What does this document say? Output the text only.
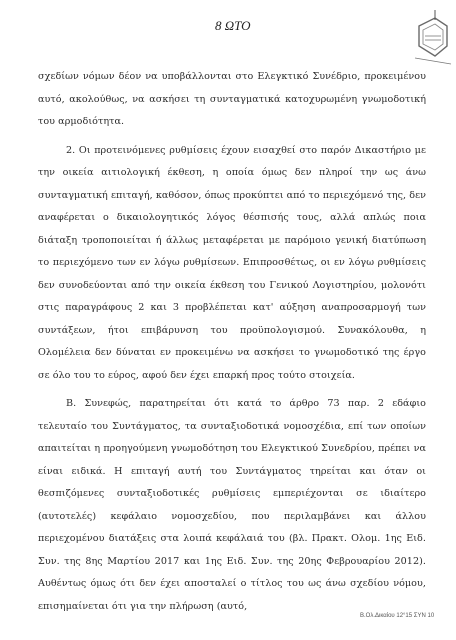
8 ΩΤΟ

σχεδίων νόμων δέον να υποβάλλονται στο Ελεγκτικό Συνέδριο, προκειμένου αυτό, ακολούθως, να ασκήσει τη συνταγματικά κατοχυρωμένη γνωμοδοτική του αρμοδιότητα.

2. Οι προτεινόμενες ρυθμίσεις έχουν εισαχθεί στο παρόν Δικαστήριο με την οικεία αιτιολογική έκθεση, η οποία όμως δεν πληροί την ως άνω συνταγματική επιταγή, καθόσον, όπως προκύπτει από το περιεχόμενό της, δεν αναφέρεται ο δικαιολογητικός λόγος θέσπισής τους, αλλά απλώς ποια διάταξη τροποποιείται ή άλλως μεταφέρεται με παρόμοιο γενική διατύπωση το περιεχόμενο των εν λόγω ρυθμίσεων. Επιπροσθέτως, οι εν λόγω ρυθμίσεις δεν συνοδεύονται από την οικεία έκθεση του Γενικού Λογιστηρίου, μολονότι στις παραγράφους 2 και 3 προβλέπεται κατ' αύξηση αναπροσαρμογή των συντάξεων, ήτοι επιβάρυνση του προϋπολογισμού. Συνακόλουθα, η Ολομέλεια δεν δύναται εν προκειμένω να ασκήσει το γνωμοδοτικό της έργο σε όλο του το εύρος, αφού δεν έχει επαρκή προς τούτο στοιχεία.

Β. Συνεφώς, παρατηρείται ότι κατά το άρθρο 73 παρ. 2 εδάφιο τελευταίο του Συντάγματος, τα συνταξιοδοτικά νομοσχέδια, επί των οποίων απαιτείται η προηγούμενη γνωμοδότηση του Ελεγκτικού Συνεδρίου, πρέπει να είναι ειδικά. Η επιταγή αυτή του Συντάγματος τηρείται και όταν οι θεσπιζόμενες συνταξιοδοτικές ρυθμίσεις εμπεριέχονται σε ιδιαίτερο (αυτοτελές) κεφάλαιο νομοσχεδίου, που περιλαμβάνει και άλλου περιεχομένου διατάξεις στα λοιπά κεφάλαιά του (βλ. Πρακτ. Ολομ. 1ης Ειδ. Συν. της 8ης Μαρτίου 2017 και 1ης Ειδ. Συν. της 20ης Φεβρουαρίου 2012). Αυθέντως όμως ότι δεν έχει αποσταλεί ο τίτλος του ως άνω σχεδίου νόμου, επισημαίνεται ότι για την πλήρωση (αυτό,

Β.Ολ.Δικαίου 12°15 ΣΥΝ 10
